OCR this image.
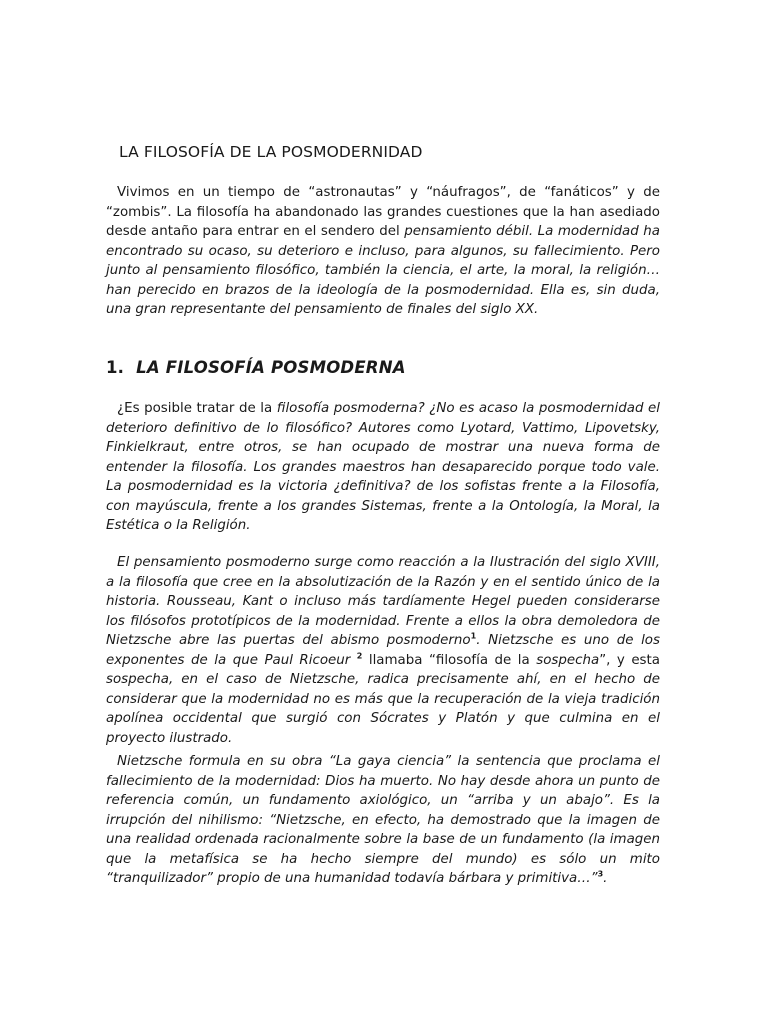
LA FILOSOFÍA DE LA POSMODERNIDAD

Vivimos en un tiempo de “astronautas” y “náufragos”, de “fanáticos” y de “zombis”. La filosofía ha abandonado las grandes cuestiones que la han asediado desde antaño para entrar en el sendero del pensamiento débil. La modernidad ha encontrado su ocaso, su deterioro e incluso, para algunos, su fallecimiento. Pero junto al pensamiento filosófico, también la ciencia, el arte, la moral, la religión… han perecido en brazos de la ideología de la posmodernidad. Ella es, sin duda, una gran representante del pensamiento de finales del siglo XX.

1. LA FILOSOFÍA POSMODERNA

¿Es posible tratar de la filosofía posmoderna? ¿No es acaso la posmodernidad el deterioro definitivo de lo filosófico? Autores como Lyotard, Vattimo, Lipovetsky, Finkielkraut, entre otros, se han ocupado de mostrar una nueva forma de entender la filosofía. Los grandes maestros han desaparecido porque todo vale. La posmodernidad es la victoria ¿definitiva? de los sofistas frente a la Filosofía, con mayúscula, frente a los grandes Sistemas, frente a la Ontología, la Moral, la Estética o la Religión.

El pensamiento posmoderno surge como reacción a la Ilustración del siglo XVIII, a la filosofía que cree en la absolutización de la Razón y en el sentido único de la historia. Rousseau, Kant o incluso más tardíamente Hegel pueden considerarse los filósofos prototípicos de la modernidad. Frente a ellos la obra demoledora de Nietzsche abre las puertas del abismo posmoderno$^1$. Nietzsche es uno de los exponentes de la que Paul Ricoeur $^2$ llamaba “filosofía de la sospecha”, y esta sospecha, en el caso de Nietzsche, radica precisamente ahí, en el hecho de considerar que la modernidad no es más que la recuperación de la vieja tradición apolínea occidental que surgió con Sócrates y Platón y que culmina en el proyecto ilustrado.

Nietzsche formula en su obra “La gaya ciencia” la sentencia que proclama el fallecimiento de la modernidad: Dios ha muerto. No hay desde ahora un punto de referencia común, un fundamento axiológico, un “arriba y un abajo”. Es la irrupción del nihilismo: “Nietzsche, en efecto, ha demostrado que la imagen de una realidad ordenada racionalmente sobre la base de un fundamento (la imagen que la metafísica se ha hecho siempre del mundo) es sólo un mito “tranquilizador” propio de una humanidad todavía bárbara y primitiva…”$^3$.
